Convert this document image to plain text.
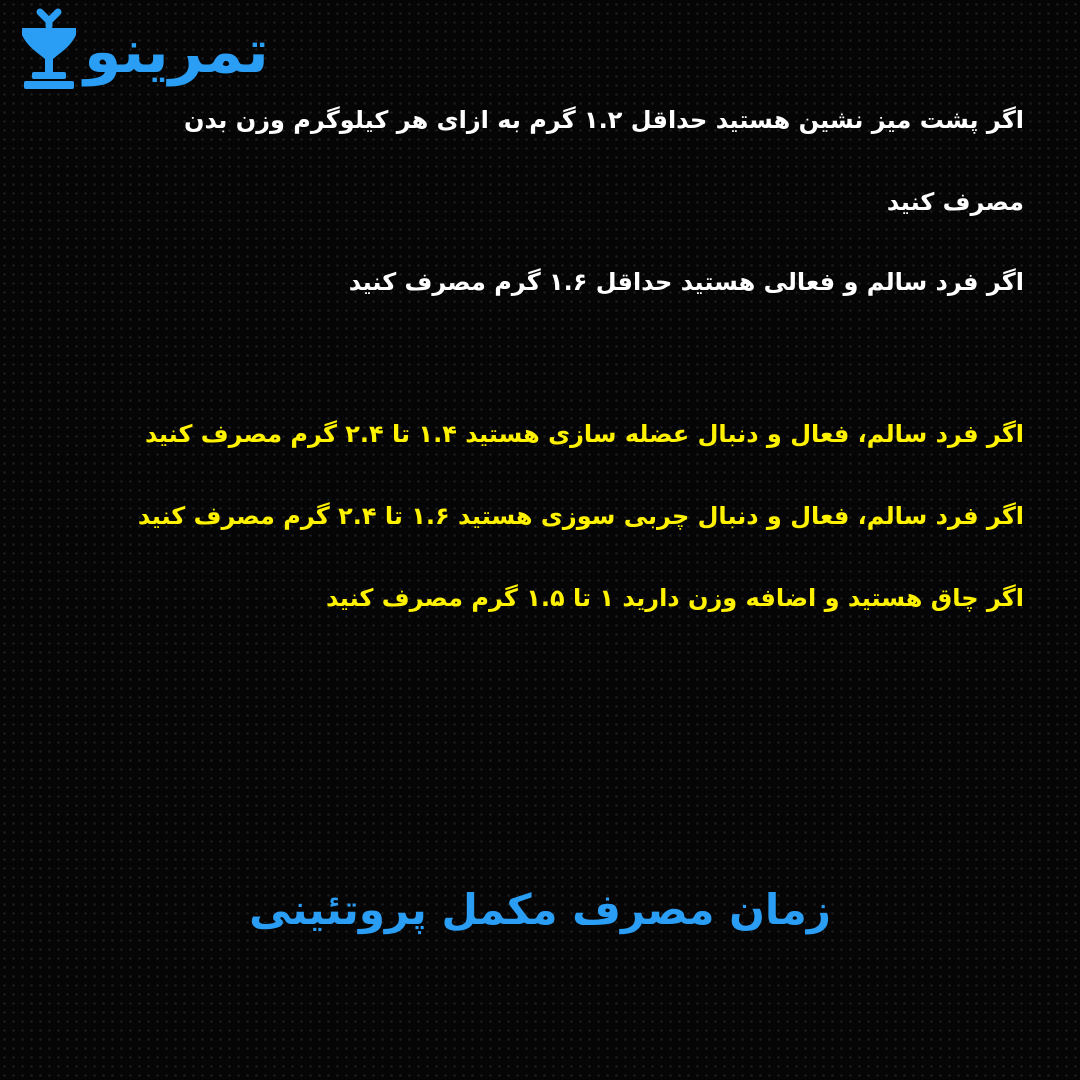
تمرینو
اگر پشت میز نشین هستید حداقل ۱.۲ گرم به ازای هر کیلوگرم وزن بدن
مصرف کنید
اگر فرد سالم و فعالی هستید حداقل ۱.۶ گرم مصرف کنید
اگر فرد سالم، فعال و دنبال عضله سازی هستید ۱.۴ تا ۲.۴ گرم مصرف کنید
اگر فرد سالم، فعال و دنبال چربی سوزی هستید ۱.۶ تا ۲.۴ گرم مصرف کنید
اگر چاق هستید و اضافه وزن دارید ۱ تا ۱.۵ گرم مصرف کنید
زمان مصرف مکمل پروتئینی
